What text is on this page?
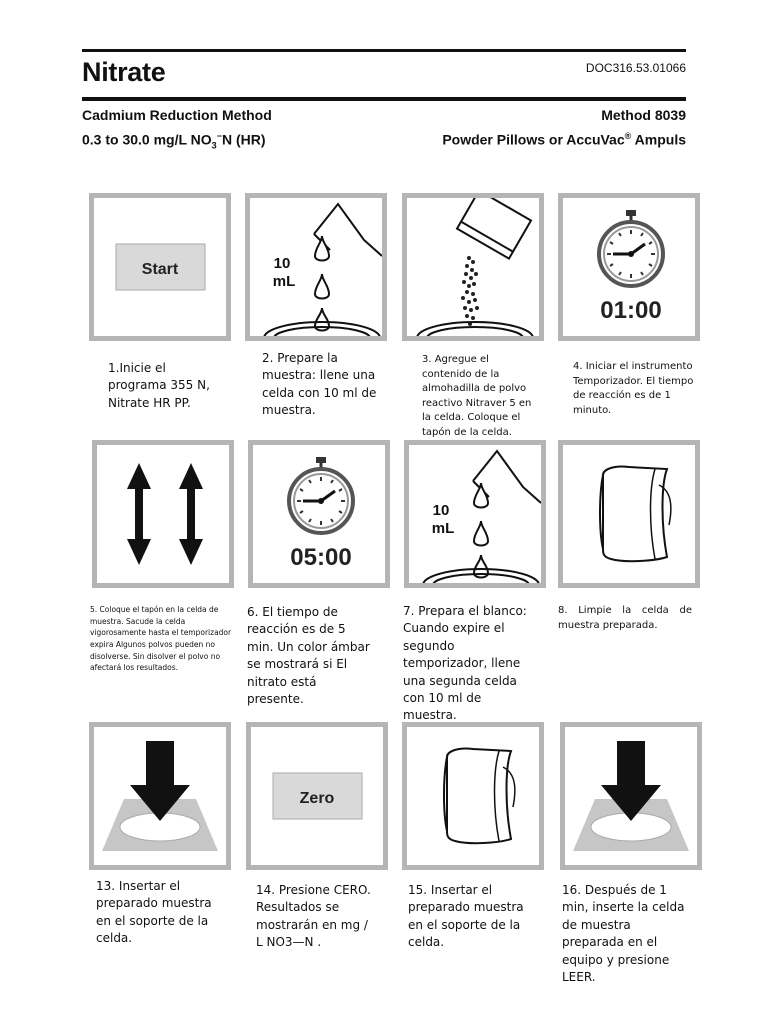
Nitrate	DOC316.53.01066
Cadmium Reduction Method	Method 8039
0.3 to 30.0 mg/L $NO_3^-N$ (HR)	Powder Pillows or AccuVac® Ampuls
Start	10
mL
01:00
1.Inicie el programa 355 N, Nitrate HR PP.
2. Prepare la muestra: llene una celda con 10 ml de muestra.
3. Agregue el contenido de la almohadilla de polvo reactivo Nitraver 5 en la celda. Coloque el tapón de la celda.
4. Iniciar el instrumento Temporizador. El tiempo de reacción es de 1 minuto.
05:00
10
mL
5. Coloque el tapón en la celda de muestra. Sacude la celda vigorosamente hasta el temporizador expira Algunos polvos pueden no disolverse. Sin disolver el polvo no afectará los resultados.
6. El tiempo de reacción es de 5 min. Un color ámbar se mostrará si El nitrato está presente.
7. Prepara el blanco: Cuando expire el segundo temporizador, llene una segunda celda con 10 ml de muestra.
8. Limpie la celda de muestra preparada.
Zero
13. Insertar el preparado muestra en el soporte de la celda.
14. Presione CERO. Resultados se mostrarán en mg / L NO3—N .
15. Insertar el preparado muestra en el soporte de la celda.
16. Después de 1 min, inserte la celda de muestra preparada en el equipo y presione LEER.
